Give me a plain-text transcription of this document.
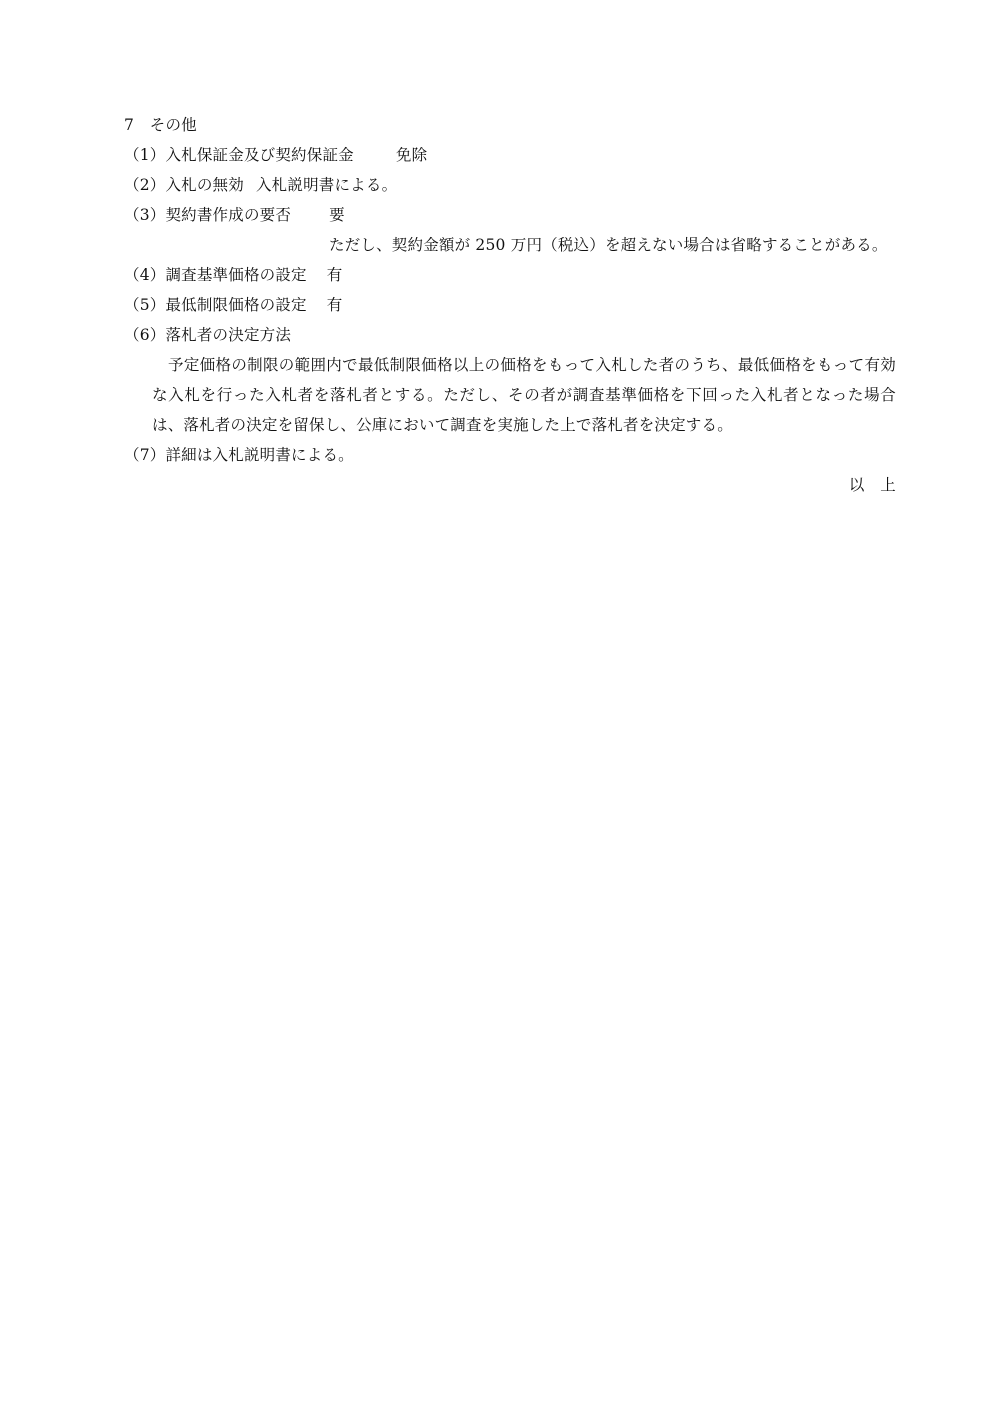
7　その他
（1）入札保証金及び契約保証金	免除
（2）入札の無効 入札説明書による。
（3）契約書作成の要否 要
ただし、契約金額が 250 万円（税込）を超えない場合は省略することがある。
（4）調査基準価格の設定 有
（5）最低制限価格の設定 有
（6）落札者の決定方法
予定価格の制限の範囲内で最低制限価格以上の価格をもって入札した者のうち、最低価格をもって有効な入札を行った入札者を落札者とする。ただし、その者が調査基準価格を下回った入札者となった場合は、落札者の決定を留保し、公庫において調査を実施した上で落札者を決定する。
（7）詳細は入札説明書による。
以　上
